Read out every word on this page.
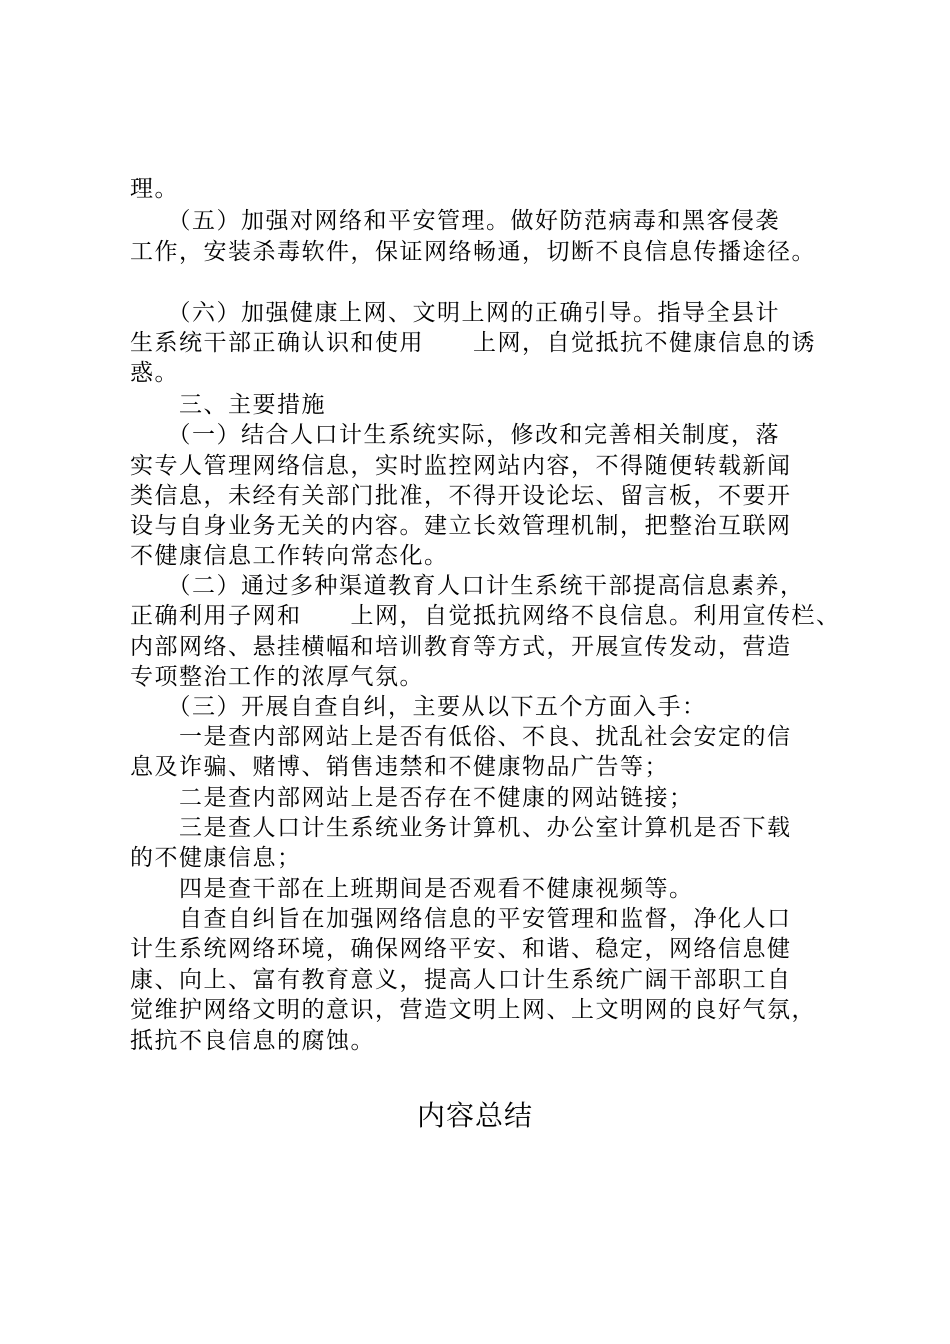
理。
　　（五）加强对网络和平安管理。做好防范病毒和黑客侵袭
工作，安装杀毒软件，保证网络畅通，切断不良信息传播途径。
　　（六）加强健康上网、文明上网的正确引导。指导全县计
生系统干部正确认识和使用　　上网，自觉抵抗不健康信息的诱
惑。
　　三、主要措施
　　（一）结合人口计生系统实际，修改和完善相关制度，落
实专人管理网络信息，实时监控网站内容，不得随便转载新闻
类信息，未经有关部门批准，不得开设论坛、留言板，不要开
设与自身业务无关的内容。建立长效管理机制，把整治互联网
不健康信息工作转向常态化。
　　（二）通过多种渠道教育人口计生系统干部提高信息素养，
正确利用子网和　　上网，自觉抵抗网络不良信息。利用宣传栏、
内部网络、悬挂横幅和培训教育等方式，开展宣传发动，营造
专项整治工作的浓厚气氛。
　　（三）开展自查自纠，主要从以下五个方面入手：
　　一是查内部网站上是否有低俗、不良、扰乱社会安定的信
息及诈骗、赌博、销售违禁和不健康物品广告等；
　　二是查内部网站上是否存在不健康的网站链接；
　　三是查人口计生系统业务计算机、办公室计算机是否下载
的不健康信息；
　　四是查干部在上班期间是否观看不健康视频等。
　　自查自纠旨在加强网络信息的平安管理和监督，净化人口
计生系统网络环境，确保网络平安、和谐、稳定，网络信息健
康、向上、富有教育意义，提高人口计生系统广阔干部职工自
觉维护网络文明的意识，营造文明上网、上文明网的良好气氛，
抵抗不良信息的腐蚀。
内容总结
